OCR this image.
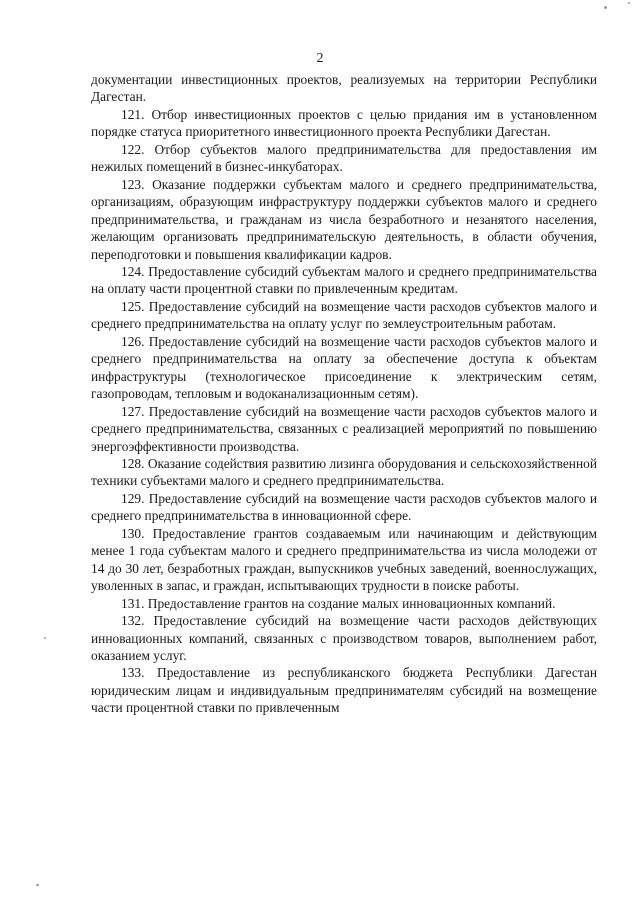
2

документации инвестиционных проектов, реализуемых на территории Республики Дагестан.

121. Отбор инвестиционных проектов с целью придания им в установленном порядке статуса приоритетного инвестиционного проекта Республики Дагестан.

122. Отбор субъектов малого предпринимательства для предоставления им нежилых помещений в бизнес-инкубаторах.

123. Оказание поддержки субъектам малого и среднего предпринимательства, организациям, образующим инфраструктуру поддержки субъектов малого и среднего предпринимательства, и гражданам из числа безработного и незанятого населения, желающим организовать предпринимательскую деятельность, в области обучения, переподготовки и повышения квалификации кадров.

124. Предоставление субсидий субъектам малого и среднего предпринимательства на оплату части процентной ставки по привлеченным кредитам.

125. Предоставление субсидий на возмещение части расходов субъектов малого и среднего предпринимательства на оплату услуг по землеустроительным работам.

126. Предоставление субсидий на возмещение части расходов субъектов малого и среднего предпринимательства на оплату за обеспечение доступа к объектам инфраструктуры (технологическое присоединение к электрическим сетям, газопроводам, тепловым и водоканализационным сетям).

127. Предоставление субсидий на возмещение части расходов субъектов малого и среднего предпринимательства, связанных с реализацией мероприятий по повышению энергоэффективности производства.

128. Оказание содействия развитию лизинга оборудования и сельскохозяйственной техники субъектами малого и среднего предпринимательства.

129. Предоставление субсидий на возмещение части расходов субъектов малого и среднего предпринимательства в инновационной сфере.

130. Предоставление грантов создаваемым или начинающим и действующим менее 1 года субъектам малого и среднего предпринимательства из числа молодежи от 14 до 30 лет, безработных граждан, выпускников учебных заведений, военнослужащих, уволенных в запас, и граждан, испытывающих трудности в поиске работы.

131. Предоставление грантов на создание малых инновационных компаний.

132. Предоставление субсидий на возмещение части расходов действующих инновационных компаний, связанных с производством товаров, выполнением работ, оказанием услуг.

133. Предоставление из республиканского бюджета Республики Дагестан юридическим лицам и индивидуальным предпринимателям субсидий на возмещение части процентной ставки по привлеченным
